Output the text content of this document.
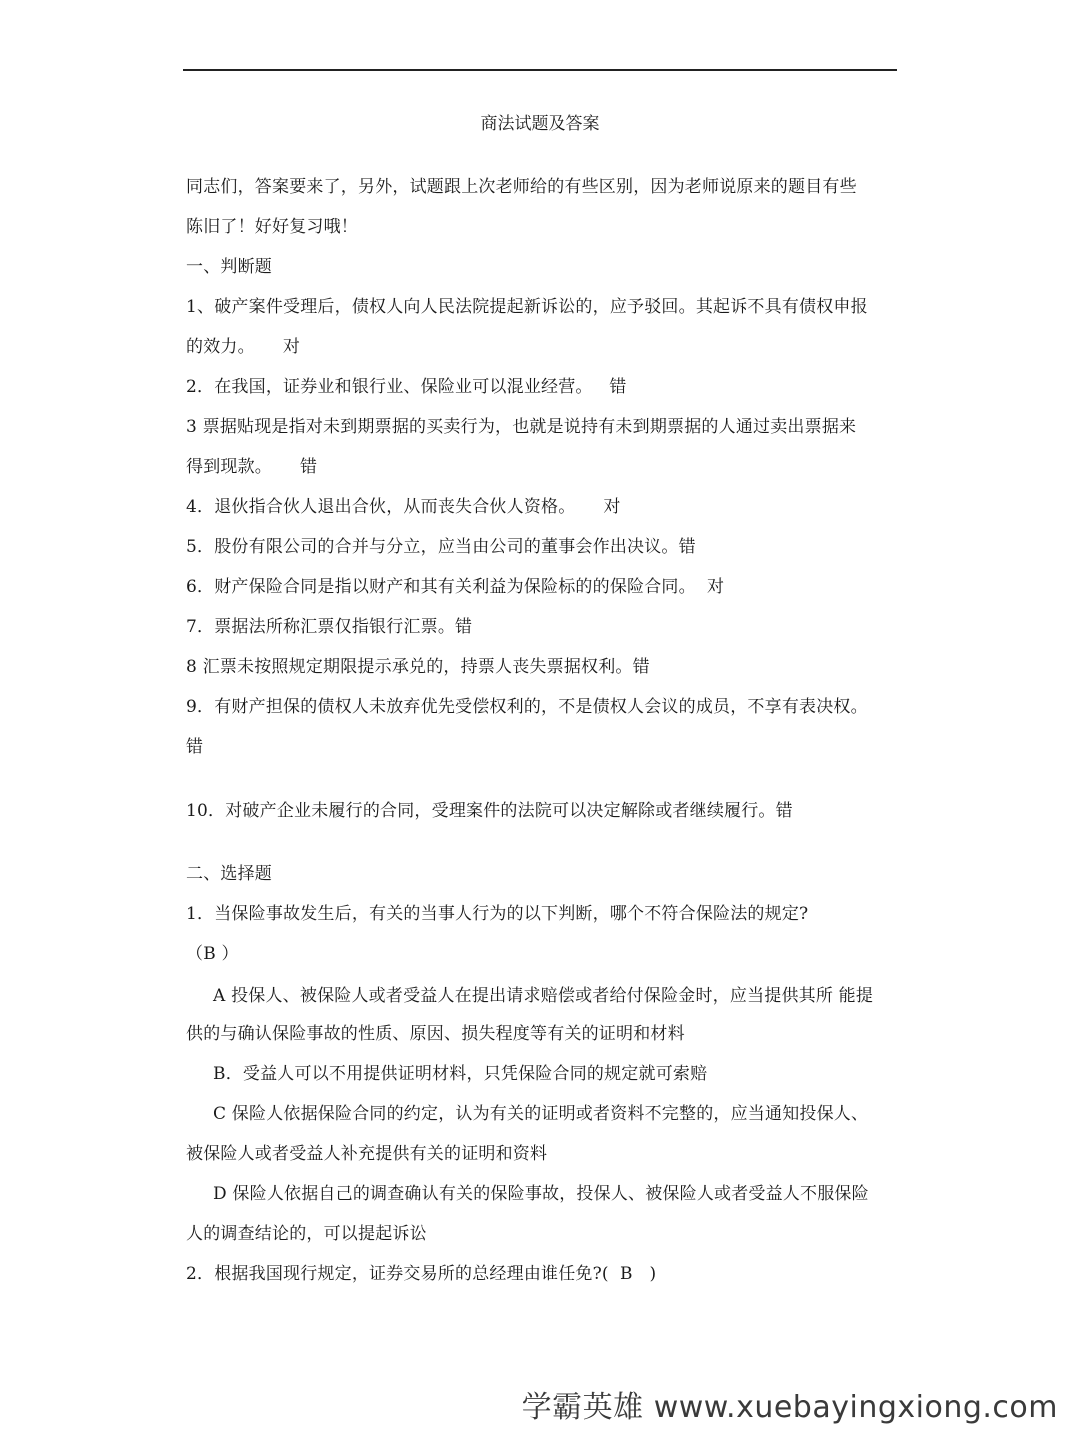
商法试题及答案
同志们，答案要来了，另外，试题跟上次老师给的有些区别，因为老师说原来的题目有些
陈旧了！好好复习哦！
一、判断题
1、破产案件受理后，债权人向人民法院提起新诉讼的，应予驳回。其起诉不具有债权申报
的效力。     对
2．在我国，证券业和银行业、保险业可以混业经营。   错
3 票据贴现是指对未到期票据的买卖行为，也就是说持有未到期票据的人通过卖出票据来
得到现款。     错
4．退伙指合伙人退出合伙，从而丧失合伙人资格。     对
5．股份有限公司的合并与分立，应当由公司的董事会作出决议。错
6．财产保险合同是指以财产和其有关利益为保险标的的保险合同。  对
7．票据法所称汇票仅指银行汇票。错
8 汇票未按照规定期限提示承兑的，持票人丧失票据权利。错
9．有财产担保的债权人未放弃优先受偿权利的，不是债权人会议的成员，不享有表决权。
错
10．对破产企业未履行的合同，受理案件的法院可以决定解除或者继续履行。错
二、选择题
1．当保险事故发生后，有关的当事人行为的以下判断，哪个不符合保险法的规定?
（B ）
A 投保人、被保险人或者受益人在提出请求赔偿或者给付保险金时，应当提供其所 能提
供的与确认保险事故的性质、原因、损失程度等有关的证明和材料
B．受益人可以不用提供证明材料，只凭保险合同的规定就可索赔
C 保险人依据保险合同的约定，认为有关的证明或者资料不完整的，应当通知投保人、
被保险人或者受益人补充提供有关的证明和资料
D 保险人依据自己的调查确认有关的保险事故，投保人、被保险人或者受益人不服保险
人的调查结论的，可以提起诉讼
2．根据我国现行规定，证券交易所的总经理由谁任免?(  B   )
学霸英雄 www.xuebayingxiong.com
